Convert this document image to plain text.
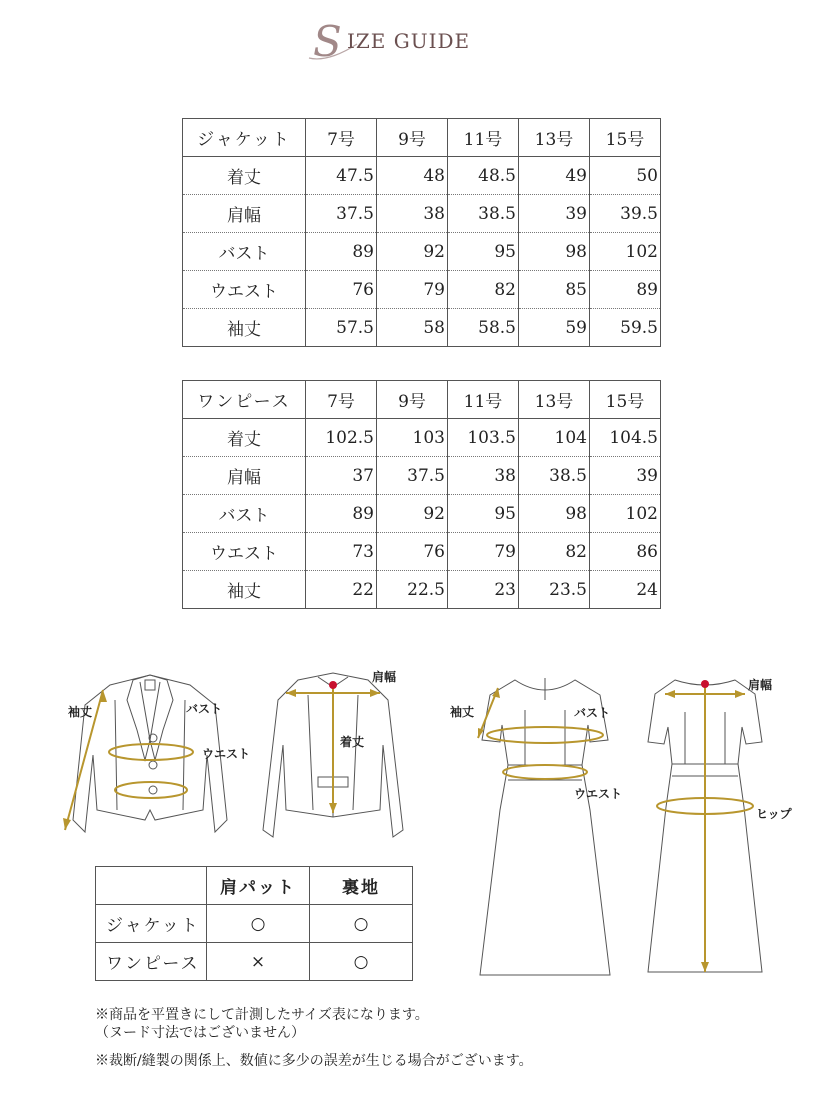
S IZE GUIDE
ジャケット	7号	9号	11号	13号	15号
着丈	47.5	48	48.5	49	50
肩幅	37.5	38	38.5	39	39.5
バスト	89	92	95	98	102
ウエスト	76	79	82	85	89
袖丈	57.5	58	58.5	59	59.5
ワンピース	7号	9号	11号	13号	15号
着丈	102.5	103	103.5	104	104.5
肩幅	37	37.5	38	38.5	39
バスト	89	92	95	98	102
ウエスト	73	76	79	82	86
袖丈	22	22.5	23	23.5	24
袖丈	バスト
ウエスト
肩幅
着丈
袖丈	バスト
ウエスト
肩幅
ヒップ
	肩パット	裏地
ジャケット	○	○
ワンピース	×	○
※商品を平置きにして計測したサイズ表になります。
（ヌード寸法ではございません）
※裁断/縫製の関係上、数値に多少の誤差が生じる場合がございます。
